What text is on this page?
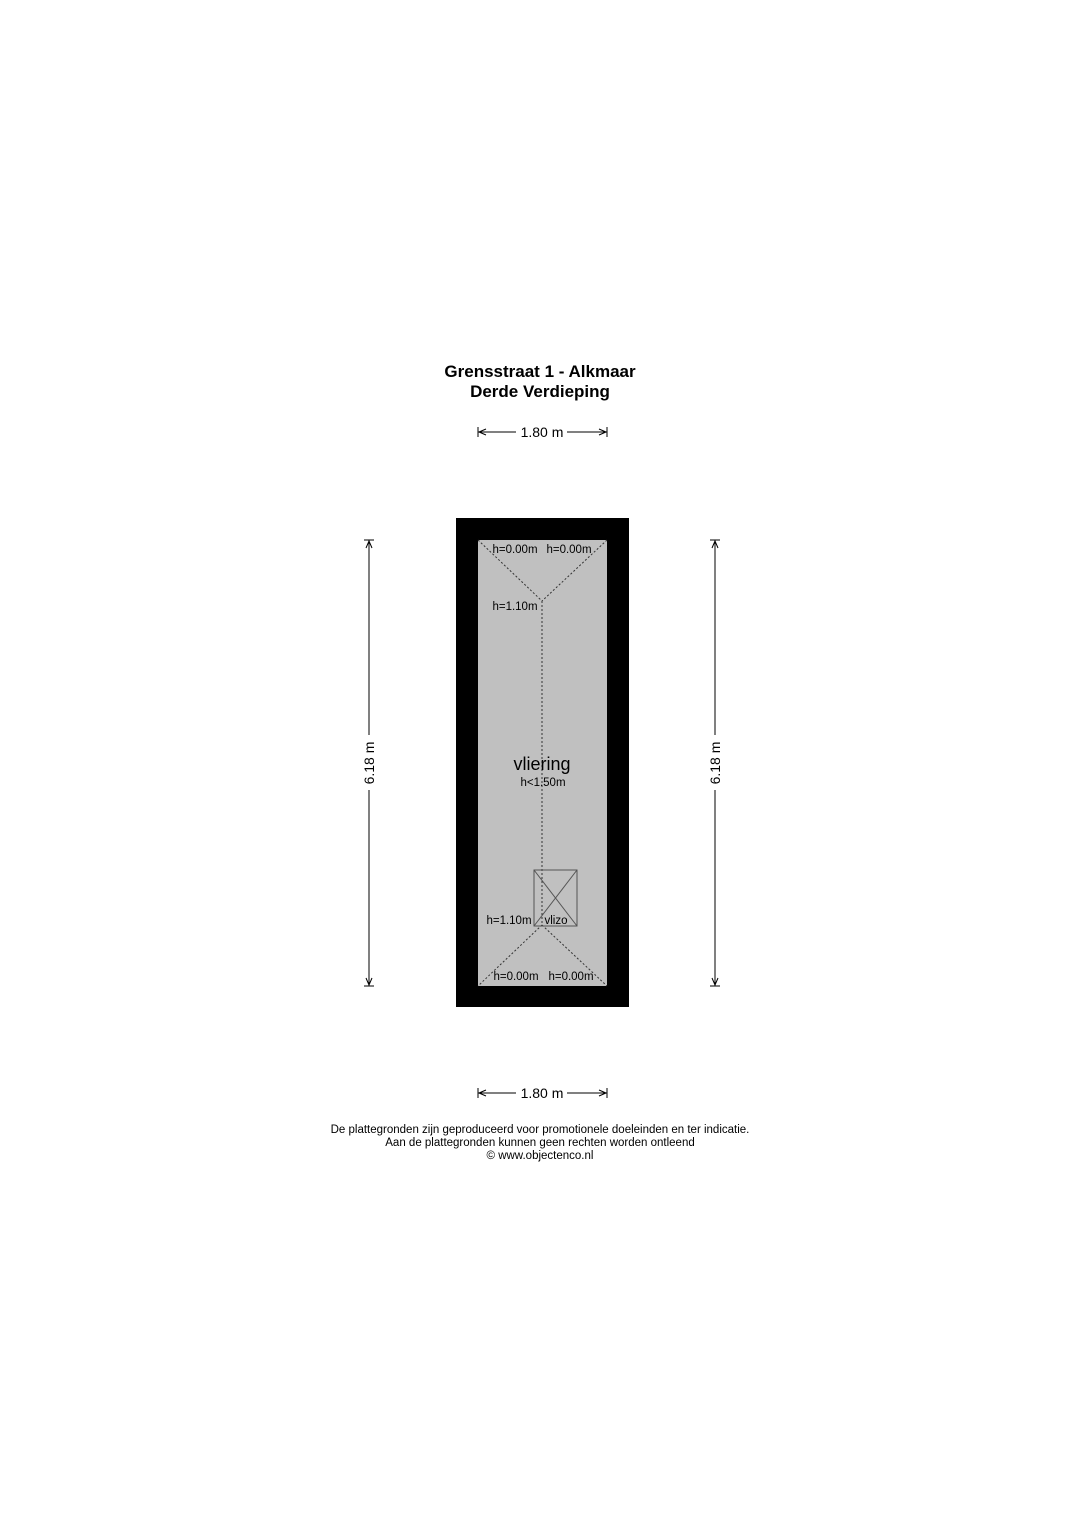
Grensstraat 1 - Alkmaar
Derde Verdieping
1.80 m
1.80 m
6.18 m	6.18 m
vliering
h<1.50m
h=0.00m h=0.00m
h=1.10m
h=1.10m vlizo
h=0.00m h=0.00m
De plattegronden zijn geproduceerd voor promotionele doeleinden en ter indicatie.
Aan de plattegronden kunnen geen rechten worden ontleend
© www.objectenco.nl
